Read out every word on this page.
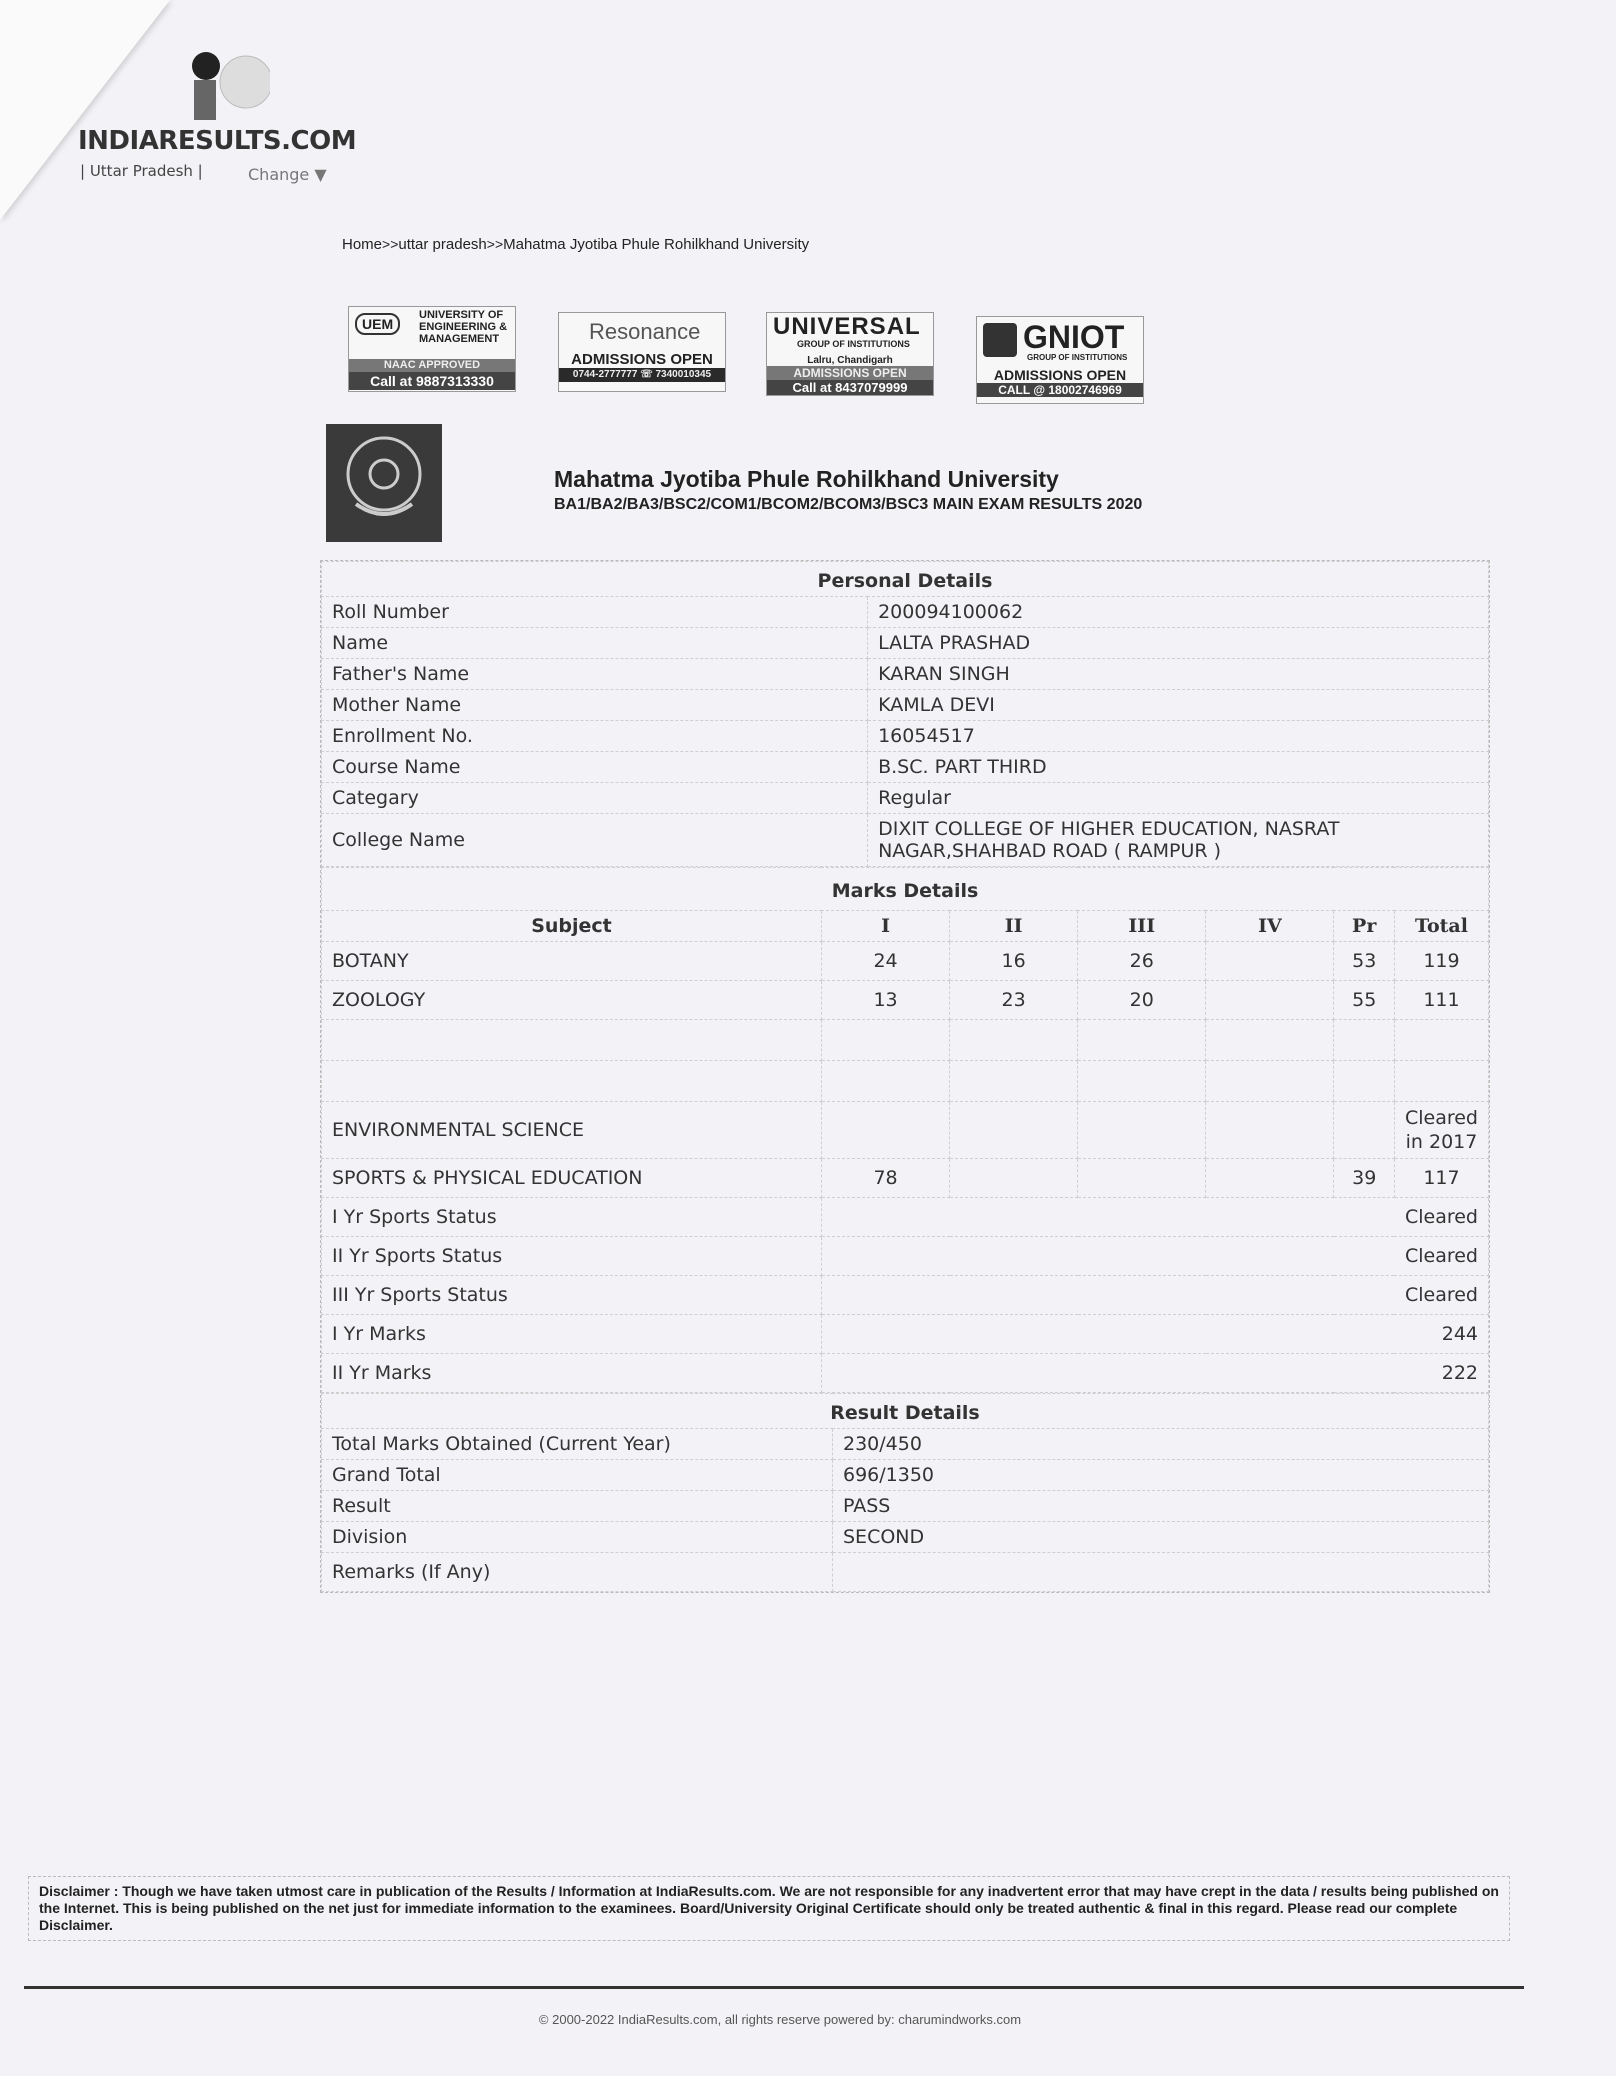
INDIARESULTS.COM
| Uttar Pradesh |	Change ▼
Home>>uttar pradesh>>Mahatma Jyotiba Phule Rohilkhand University
UEM
UNIVERSITY OF
ENGINEERING &
MANAGEMENT
NAAC APPROVED
Call at 9887313330
Resonance
ADMISSIONS OPEN
0744-2777777 ☏ 7340010345
UNIVERSAL
GROUP OF INSTITUTIONS
Lalru, Chandigarh
ADMISSIONS OPEN
Call at 8437079999
GNIOT
GROUP OF INSTITUTIONS
ADMISSIONS OPEN
CALL @ 18002746969
Mahatma Jyotiba Phule Rohilkhand University
BA1/BA2/BA3/BSC2/COM1/BCOM2/BCOM3/BSC3 MAIN EXAM RESULTS 2020
Personal Details	
Roll Number	200094100062
Name	LALTA PRASHAD
Father's Name	KARAN SINGH
Mother Name	KAMLA DEVI
Enrollment No.	16054517
Course Name	B.SC. PART THIRD
Categary	Regular
College Name	DIXIT COLLEGE OF HIGHER EDUCATION, NASRAT NAGAR,SHAHBAD ROAD ( RAMPUR )
Marks Details						
Subject	I	II	III	IV	Pr	Total
BOTANY	24	16	26		53	119
ZOOLOGY	13	23	20		55	111

ENVIRONMENTAL SCIENCE						Cleared in 2017
SPORTS & PHYSICAL EDUCATION	78				39	117
I Yr Sports Status	Cleared					
II Yr Sports Status	Cleared					
III Yr Sports Status	Cleared					
I Yr Marks	244					
II Yr Marks	222					
Result Details	
Total Marks Obtained (Current Year)	230/450
Grand Total	696/1350
Result	PASS
Division	SECOND
Remarks (If Any)	
Disclaimer : Though we have taken utmost care in publication of the Results / Information at IndiaResults.com. We are not responsible for any inadvertent error that may have crept in the data / results being published on the Internet. This is being published on the net just for immediate information to the examinees. Board/University Original Certificate should only be treated authentic & final in this regard. Please read our complete Disclaimer.
© 2000-2022 IndiaResults.com, all rights reserve powered by: charumindworks.com
